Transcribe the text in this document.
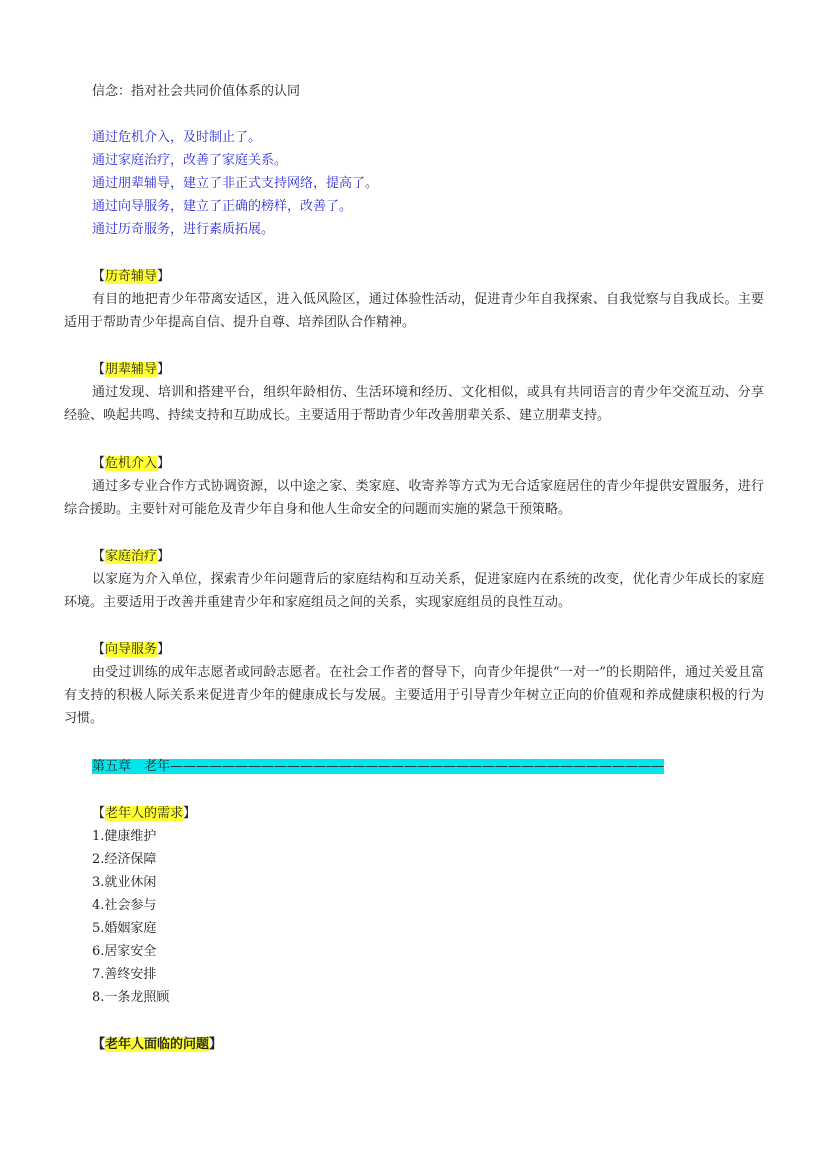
信念：指对社会共同价值体系的认同
通过危机介入，及时制止了。
通过家庭治疗，改善了家庭关系。
通过朋辈辅导，建立了非正式支持网络，提高了。
通过向导服务，建立了正确的榜样，改善了。
通过历奇服务，进行素质拓展。
【历奇辅导】
有目的地把青少年带离安适区，进入低风险区，通过体验性活动，促进青少年自我探索、自我觉察与自我成长。主要适用于帮助青少年提高自信、提升自尊、培养团队合作精神。
【朋辈辅导】
通过发现、培训和搭建平台，组织年龄相仿、生活环境和经历、文化相似，或具有共同语言的青少年交流互动、分享经验、唤起共鸣、持续支持和互助成长。主要适用于帮助青少年改善朋辈关系、建立朋辈支持。
【危机介入】
通过多专业合作方式协调资源，以中途之家、类家庭、收寄养等方式为无合适家庭居住的青少年提供安置服务，进行综合援助。主要针对可能危及青少年自身和他人生命安全的问题而实施的紧急干预策略。
【家庭治疗】
以家庭为介入单位，探索青少年问题背后的家庭结构和互动关系，促进家庭内在系统的改变，优化青少年成长的家庭环境。主要适用于改善并重建青少年和家庭组员之间的关系，实现家庭组员的良性互动。
【向导服务】
由受过训练的成年志愿者或同龄志愿者。在社会工作者的督导下，向青少年提供“一对一”的长期陪伴，通过关爱且富有支持的积极人际关系来促进青少年的健康成长与发展。主要适用于引导青少年树立正向的价值观和养成健康积极的行为习惯。
第五章　老年——————————————————————————————————————
【老年人的需求】
1.健康维护
2.经济保障
3.就业休闲
4.社会参与
5.婚姻家庭
6.居家安全
7.善终安排
8.一条龙照顾
【老年人面临的问题】
